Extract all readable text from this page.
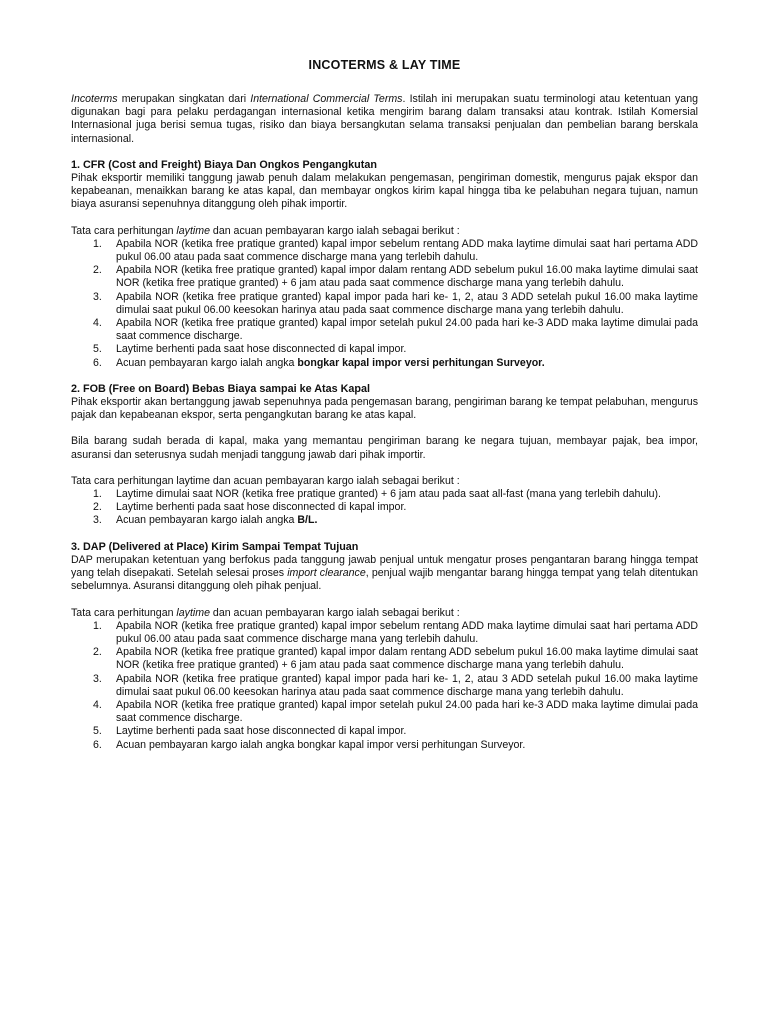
INCOTERMS & LAY TIME

Incoterms merupakan singkatan dari International Commercial Terms. Istilah ini merupakan suatu terminologi atau ketentuan yang digunakan bagi para pelaku perdagangan internasional ketika mengirim barang dalam transaksi atau kontrak. Istilah Komersial Internasional juga berisi semua tugas, risiko dan biaya bersangkutan selama transaksi penjualan dan pembelian barang berskala internasional.

1. CFR (Cost and Freight) Biaya Dan Ongkos Pengangkutan

Pihak eksportir memiliki tanggung jawab penuh dalam melakukan pengemasan, pengiriman domestik, mengurus pajak ekspor dan kepabeanan, menaikkan barang ke atas kapal, dan membayar ongkos kirim kapal hingga tiba ke pelabuhan negara tujuan, namun biaya asuransi sepenuhnya ditanggung oleh pihak importir.

Tata cara perhitungan laytime dan acuan pembayaran kargo ialah sebagai berikut :

1. Apabila NOR (ketika free pratique granted) kapal impor sebelum rentang ADD maka laytime dimulai saat hari pertama ADD pukul 06.00 atau pada saat commence discharge mana yang terlebih dahulu.
2. Apabila NOR (ketika free pratique granted) kapal impor dalam rentang ADD sebelum pukul 16.00 maka laytime dimulai saat NOR (ketika free pratique granted) + 6 jam atau pada saat commence discharge mana yang terlebih dahulu.
3. Apabila NOR (ketika free pratique granted) kapal impor pada hari ke- 1, 2, atau 3 ADD setelah pukul 16.00 maka laytime dimulai saat pukul 06.00 keesokan harinya atau pada saat commence discharge mana yang terlebih dahulu.
4. Apabila NOR (ketika free pratique granted) kapal impor setelah pukul 24.00 pada hari ke-3 ADD maka laytime dimulai pada saat commence discharge.
5. Laytime berhenti pada saat hose disconnected di kapal impor.
6. Acuan pembayaran kargo ialah angka bongkar kapal impor versi perhitungan Surveyor.
2. FOB (Free on Board) Bebas Biaya sampai ke Atas Kapal

Pihak eksportir akan bertanggung jawab sepenuhnya pada pengemasan barang, pengiriman barang ke tempat pelabuhan, mengurus pajak dan kepabeanan ekspor, serta pengangkutan barang ke atas kapal.

Bila barang sudah berada di kapal, maka yang memantau pengiriman barang ke negara tujuan, membayar pajak, bea impor, asuransi dan seterusnya sudah menjadi tanggung jawab dari pihak importir.

Tata cara perhitungan laytime dan acuan pembayaran kargo ialah sebagai berikut :

1. Laytime dimulai saat NOR (ketika free pratique granted) + 6 jam atau pada saat all-fast (mana yang terlebih dahulu).
2. Laytime berhenti pada saat hose disconnected di kapal impor.
3. Acuan pembayaran kargo ialah angka B/L.
3. DAP (Delivered at Place) Kirim Sampai Tempat Tujuan

DAP merupakan ketentuan yang berfokus pada tanggung jawab penjual untuk mengatur proses pengantaran barang hingga tempat yang telah disepakati. Setelah selesai proses import clearance, penjual wajib mengantar barang hingga tempat yang telah ditentukan sebelumnya. Asuransi ditanggung oleh pihak penjual.

Tata cara perhitungan laytime dan acuan pembayaran kargo ialah sebagai berikut :

1. Apabila NOR (ketika free pratique granted) kapal impor sebelum rentang ADD maka laytime dimulai saat hari pertama ADD pukul 06.00 atau pada saat commence discharge mana yang terlebih dahulu.
2. Apabila NOR (ketika free pratique granted) kapal impor dalam rentang ADD sebelum pukul 16.00 maka laytime dimulai saat NOR (ketika free pratique granted) + 6 jam atau pada saat commence discharge mana yang terlebih dahulu.
3. Apabila NOR (ketika free pratique granted) kapal impor pada hari ke- 1, 2, atau 3 ADD setelah pukul 16.00 maka laytime dimulai saat pukul 06.00 keesokan harinya atau pada saat commence discharge mana yang terlebih dahulu.
4. Apabila NOR (ketika free pratique granted) kapal impor setelah pukul 24.00 pada hari ke-3 ADD maka laytime dimulai pada saat commence discharge.
5. Laytime berhenti pada saat hose disconnected di kapal impor.
6. Acuan pembayaran kargo ialah angka bongkar kapal impor versi perhitungan Surveyor.
